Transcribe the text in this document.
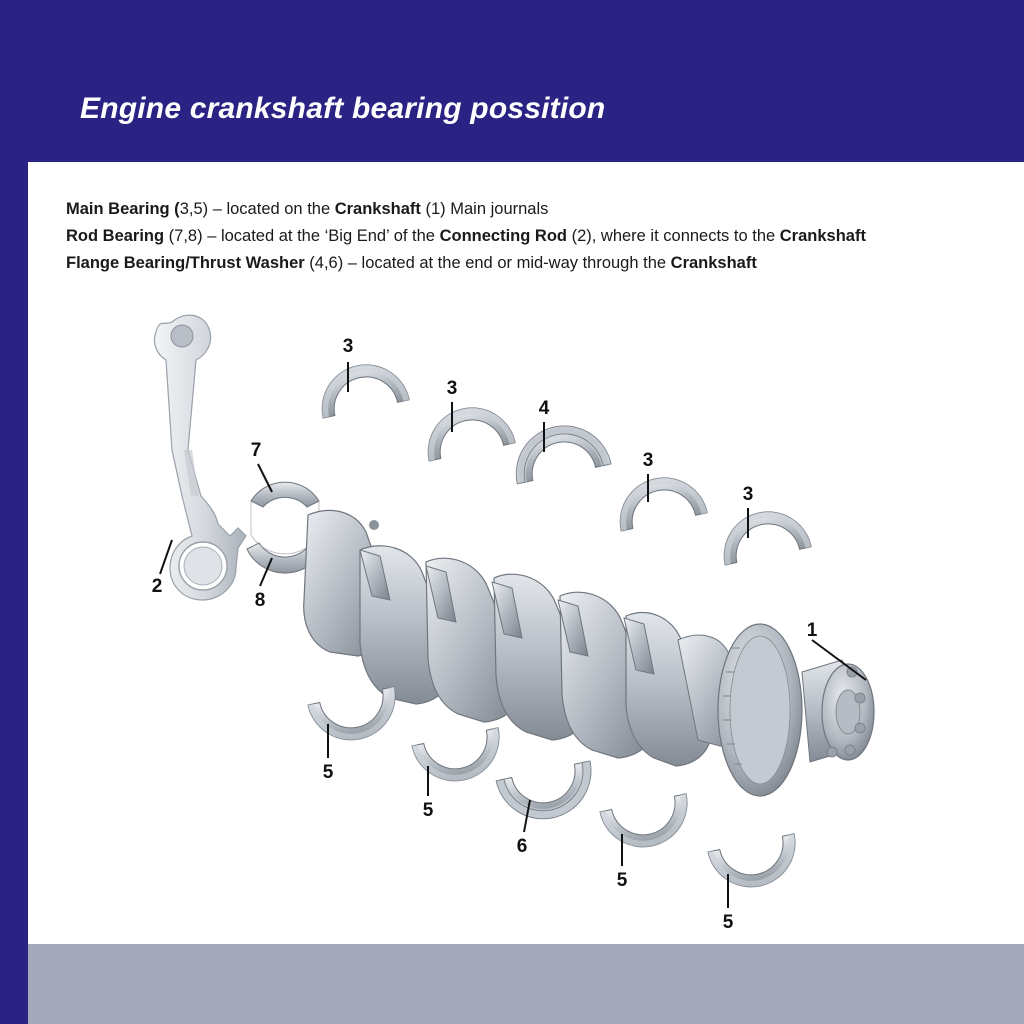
Engine crankshaft bearing possition
Main Bearing (3,5) – located on the Crankshaft (1) Main journals
Rod Bearing (7,8) – located at the ‘Big End’ of the Connecting Rod (2), where it connects to the Crankshaft
Flange Bearing/Thrust Washer (4,6) – located at the end or mid-way through the Crankshaft
1
2
3
3
3
3
4
5
5
5
5
6
7
8
